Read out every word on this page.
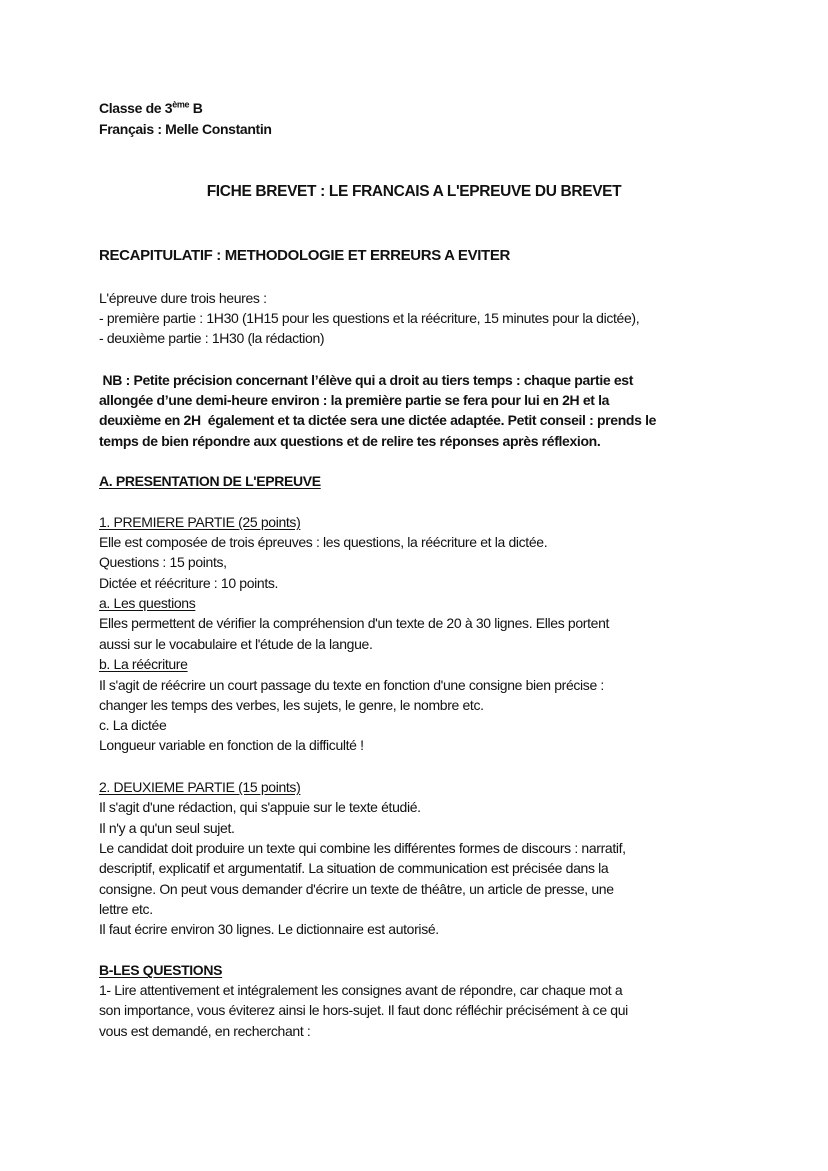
Classe de 3ème B
Français : Melle Constantin
FICHE BREVET : LE FRANCAIS A L'EPREUVE DU BREVET
RECAPITULATIF : METHODOLOGIE ET ERREURS A EVITER
L'épreuve dure trois heures :
- première partie : 1H30 (1H15 pour les questions et la réécriture, 15 minutes pour la dictée),
- deuxième partie : 1H30 (la rédaction)
NB : Petite précision concernant l’élève qui a droit au tiers temps : chaque partie est
allongée d’une demi-heure environ : la première partie se fera pour lui en 2H et la
deuxième en 2H  également et ta dictée sera une dictée adaptée. Petit conseil : prends le
temps de bien répondre aux questions et de relire tes réponses après réflexion.
A. PRESENTATION DE L'EPREUVE
1. PREMIERE PARTIE (25 points)
Elle est composée de trois épreuves : les questions, la réécriture et la dictée.
Questions : 15 points,
Dictée et réécriture : 10 points.
a. Les questions
Elles permettent de vérifier la compréhension d'un texte de 20 à 30 lignes. Elles portent
aussi sur le vocabulaire et l'étude de la langue.
b. La réécriture
Il s'agit de réécrire un court passage du texte en fonction d'une consigne bien précise :
changer les temps des verbes, les sujets, le genre, le nombre etc.
c. La dictée
Longueur variable en fonction de la difficulté !
2. DEUXIEME PARTIE (15 points)
Il s'agit d'une rédaction, qui s'appuie sur le texte étudié.
Il n'y a qu'un seul sujet.
Le candidat doit produire un texte qui combine les différentes formes de discours : narratif,
descriptif, explicatif et argumentatif. La situation de communication est précisée dans la
consigne. On peut vous demander d'écrire un texte de théâtre, un article de presse, une
lettre etc.
Il faut écrire environ 30 lignes. Le dictionnaire est autorisé.
B-LES QUESTIONS
1- Lire attentivement et intégralement les consignes avant de répondre, car chaque mot a
son importance, vous éviterez ainsi le hors-sujet. Il faut donc réfléchir précisément à ce qui
vous est demandé, en recherchant :
